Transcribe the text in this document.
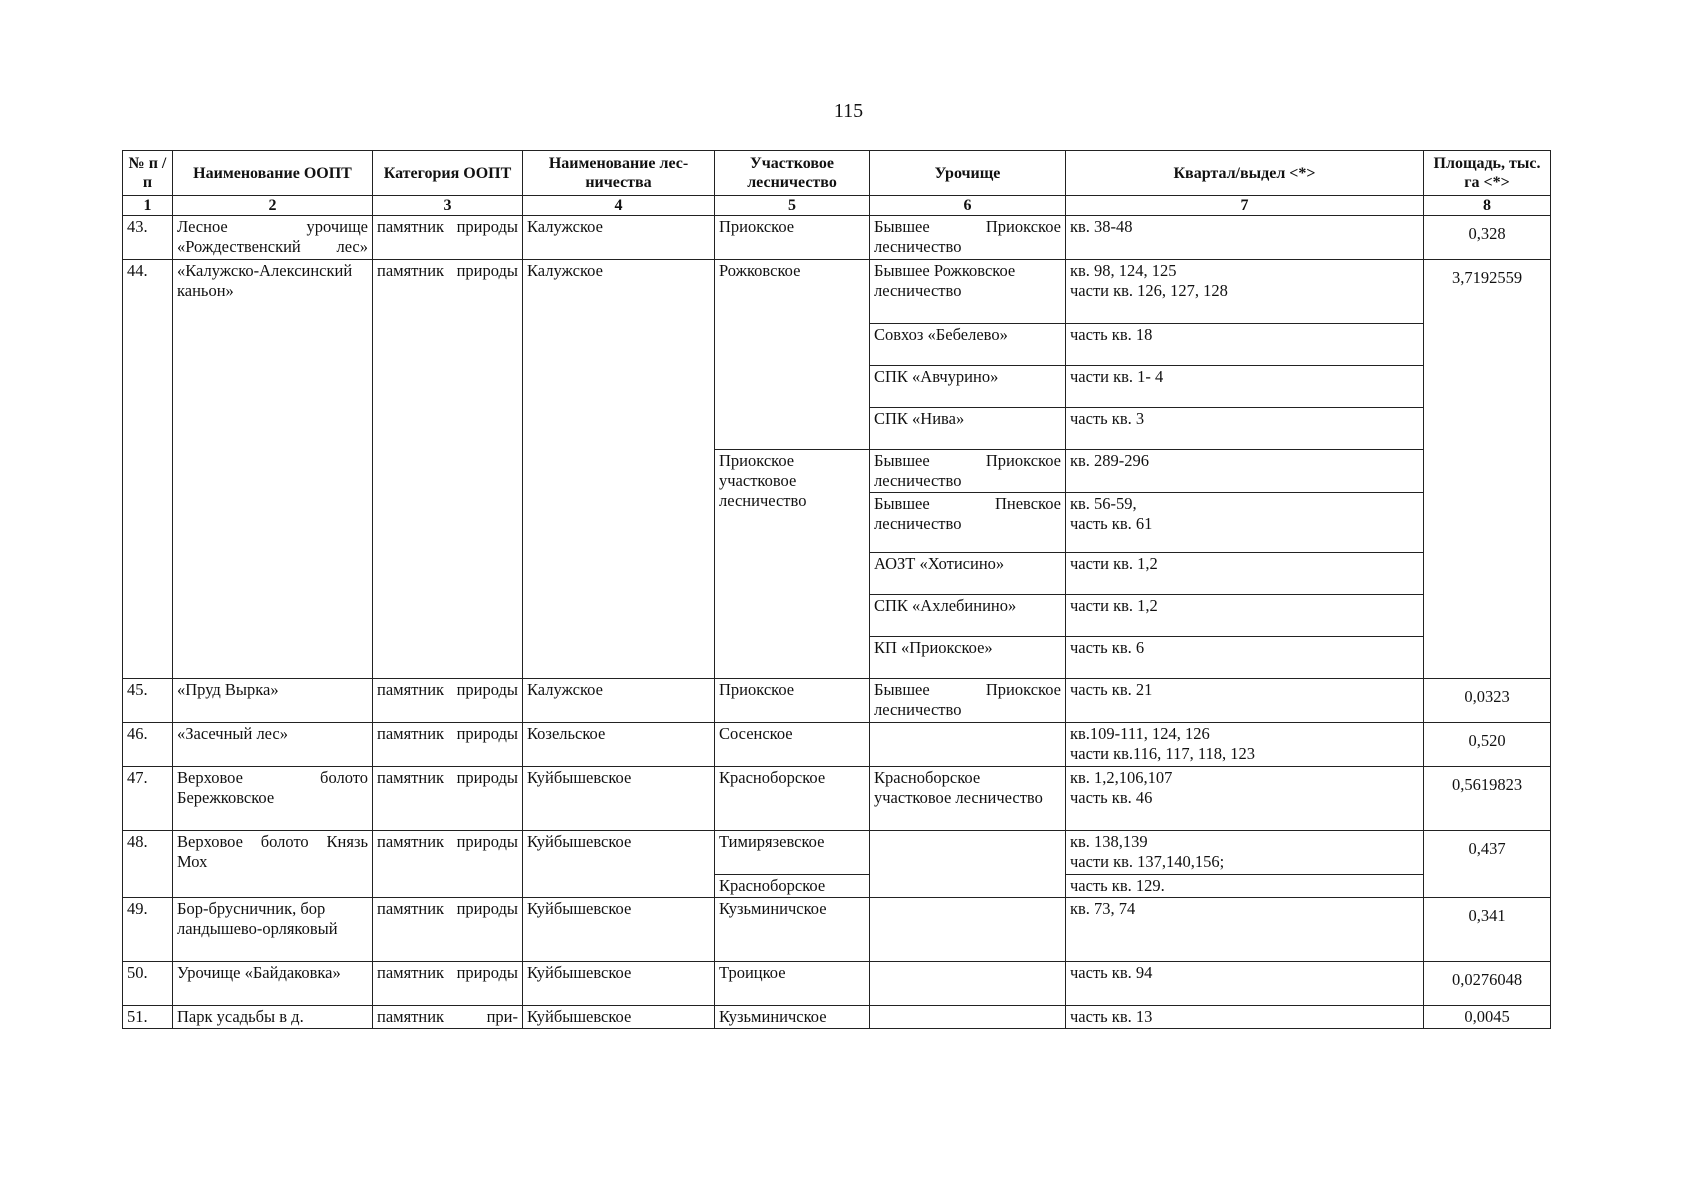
115
№ п /п	Наименование ООПТ	Категория ООПТ	Наименование лес-ничества	Участковое лесничество	Урочище	Квартал/выдел <*>	Площадь, тыс. га <*>
1	2	3	4	5	6	7	8
43.	Лесное урочище «Рождественский лес»	памятник природы	Калужское	Приокское	Бывшее Приокское лесничество	кв. 38-48	0,328
44.	«Калужско-Алексинский каньон»	памятник природы	Калужское	Рожковское	Бывшее Рожковское лесничество	кв. 98, 124, 125
части кв. 126, 127, 128	3,7192559
					Совхоз «Бебелево»	часть кв. 18	
					СПК «Авчурино»	части кв. 1- 4	
					СПК «Нива»	часть кв. 3	
				Приокское участковое лесничество	Бывшее Приокское лесничество	кв. 289-296	
					Бывшее Пневское лесничество	кв. 56-59,
часть кв. 61	

					АОЗТ «Хотисино»	части кв. 1,2	
					СПК «Ахлебинино»	части кв. 1,2	
					КП «Приокское»	часть кв. 6	
45.	«Пруд Вырка»	памятник природы	Калужское	Приокское	Бывшее Приокское лесничество	часть кв. 21	0,0323
46.	«Засечный лес»	памятник природы	Козельское	Сосенское		кв.109-111, 124, 126
части кв.116, 117, 118, 123	0,520
47.	Верховое болото Бережковское	памятник природы	Куйбышевское	Красноборское	Красноборское участковое лесничество	кв. 1,2,106,107
часть кв. 46	0,5619823
48.	Верховое болото Князь Мох	памятник природы	Куйбышевское	Тимирязевское		кв. 138,139
части кв. 137,140,156;	0,437
				Красноборское		часть кв. 129.	
49.	Бор-брусничник, бор ландышево-орляковый	памятник природы	Куйбышевское	Кузьминичское		кв. 73, 74	0,341
50.	Урочище «Байдаковка»	памятник природы	Куйбышевское	Троицкое		часть кв. 94	0,0276048
51.	Парк усадьбы в д.	памятник при-	Куйбышевское	Кузьминичское		часть кв. 13	0,0045
